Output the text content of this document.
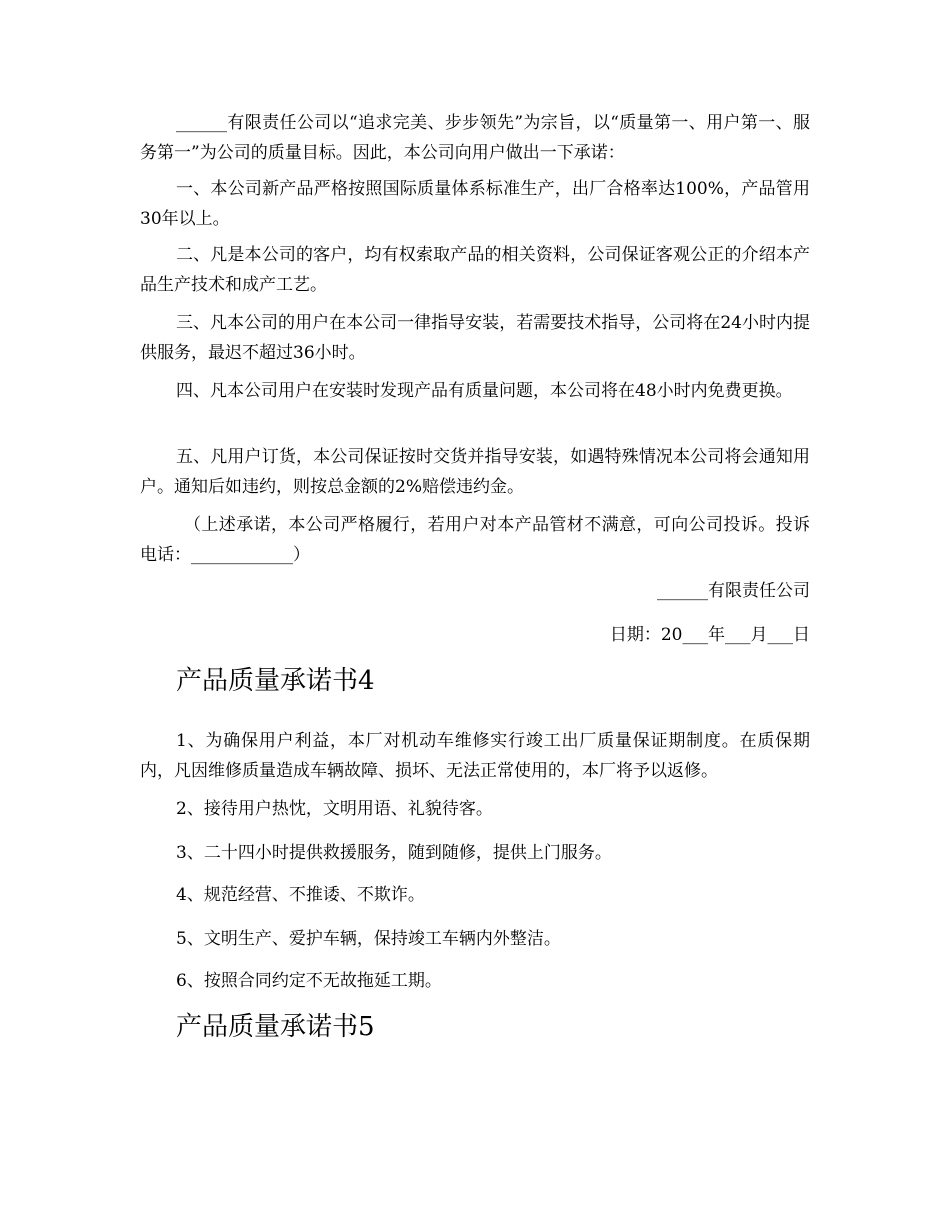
______有限责任公司以“追求完美、步步领先”为宗旨，以“质量第一、用户第一、服务第一”为公司的质量目标。因此，本公司向用户做出一下承诺：

一、本公司新产品严格按照国际质量体系标准生产，出厂合格率达100%，产品管用30年以上。

二、凡是本公司的客户，均有权索取产品的相关资料，公司保证客观公正的介绍本产品生产技术和成产工艺。

三、凡本公司的用户在本公司一律指导安装，若需要技术指导，公司将在24小时内提供服务，最迟不超过36小时。

四、凡本公司用户在安装时发现产品有质量问题，本公司将在48小时内免费更换。

五、凡用户订货，本公司保证按时交货并指导安装，如遇特殊情况本公司将会通知用户。通知后如违约，则按总金额的2%赔偿违约金。

（上述承诺，本公司严格履行，若用户对本产品管材不满意，可向公司投诉。投诉电话：____________）

______有限责任公司

日期：20___年___月___日

产品质量承诺书4

1、为确保用户利益，本厂对机动车维修实行竣工出厂质量保证期制度。在质保期内，凡因维修质量造成车辆故障、损坏、无法正常使用的，本厂将予以返修。

2、接待用户热忱，文明用语、礼貌待客。

3、二十四小时提供救援服务，随到随修，提供上门服务。

4、规范经营、不推诿、不欺诈。

5、文明生产、爱护车辆，保持竣工车辆内外整洁。

6、按照合同约定不无故拖延工期。

产品质量承诺书5
